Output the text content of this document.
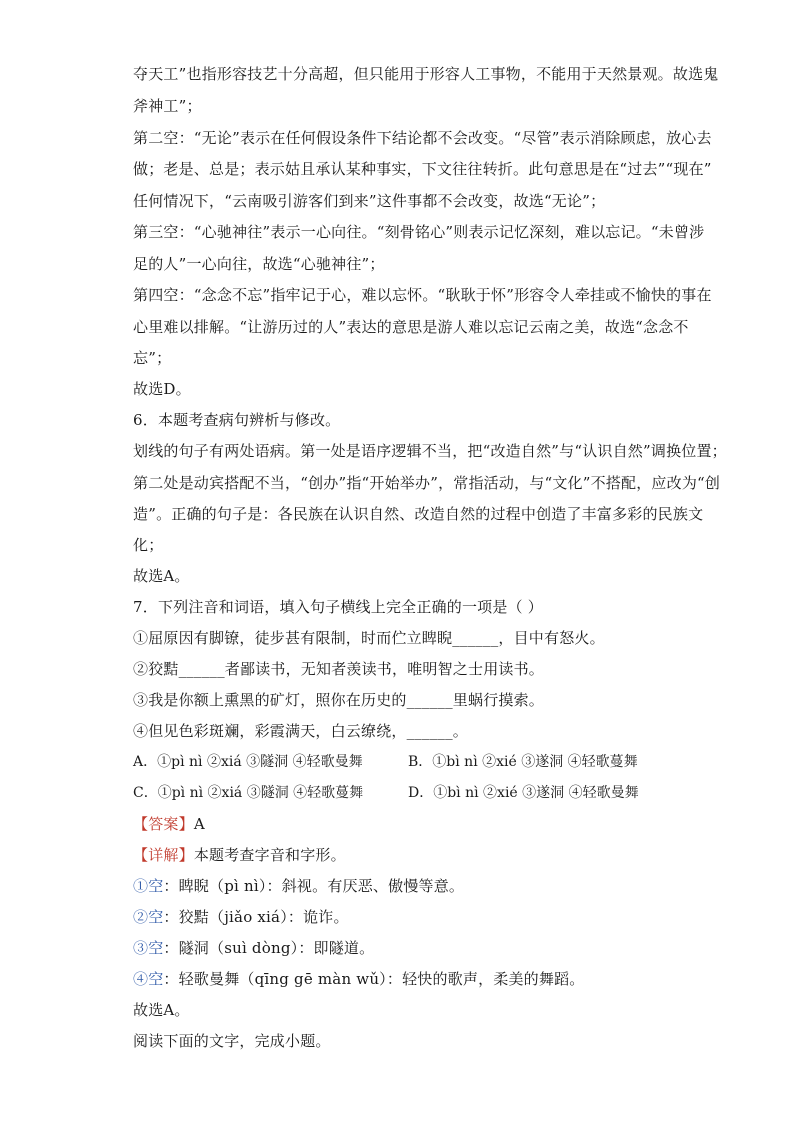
夺天工”也指形容技艺十分高超，但只能用于形容人工事物，不能用于天然景观。故选鬼
斧神工”；
第二空：“无论”表示在任何假设条件下结论都不会改变。“尽管”表示消除顾虑，放心去
做；老是、总是；表示姑且承认某种事实，下文往往转折。此句意思是在“过去”“现在”
任何情况下，“云南吸引游客们到来”这件事都不会改变，故选“无论”；
第三空：“心驰神往”表示一心向往。“刻骨铭心”则表示记忆深刻，难以忘记。“未曾涉
足的人”一心向往，故选“心驰神往”；
第四空：“念念不忘”指牢记于心，难以忘怀。“耿耿于怀”形容令人牵挂或不愉快的事在
心里难以排解。“让游历过的人”表达的意思是游人难以忘记云南之美，故选“念念不
忘”；
故选D。
6．本题考查病句辨析与修改。
划线的句子有两处语病。第一处是语序逻辑不当，把“改造自然”与“认识自然”调换位置；
第二处是动宾搭配不当，“创办”指“开始举办”，常指活动，与“文化”不搭配，应改为“创
造”。正确的句子是：各民族在认识自然、改造自然的过程中创造了丰富多彩的民族文
化；
故选A。
7．下列注音和词语，填入句子横线上完全正确的一项是（ ）
①屈原因有脚镣，徒步甚有限制，时而伫立睥睨______，目中有怒火。
②狡黠______者鄙读书，无知者羡读书，唯明智之士用读书。
③我是你额上熏黑的矿灯，照你在历史的______里蜗行摸索。
④但见色彩斑斓，彩霞满天，白云缭绕，______。
A．①pì nì ②xiá ③隧洞 ④轻歌曼舞	B．①bì nì ②xié ③遂洞 ④轻歌蔓舞
C．①pì nì ②xiá ③隧洞 ④轻歌蔓舞	D．①bì nì ②xié ③遂洞 ④轻歌曼舞
【答案】A
【详解】本题考查字音和字形。
①空：睥睨（pì nì）：斜视。有厌恶、傲慢等意。
②空：狡黠（jiǎo xiá）：诡诈。
③空：隧洞（suì dòng）：即隧道。
④空：轻歌曼舞（qīng gē màn wǔ）：轻快的歌声，柔美的舞蹈。
故选A。
阅读下面的文字，完成小题。
